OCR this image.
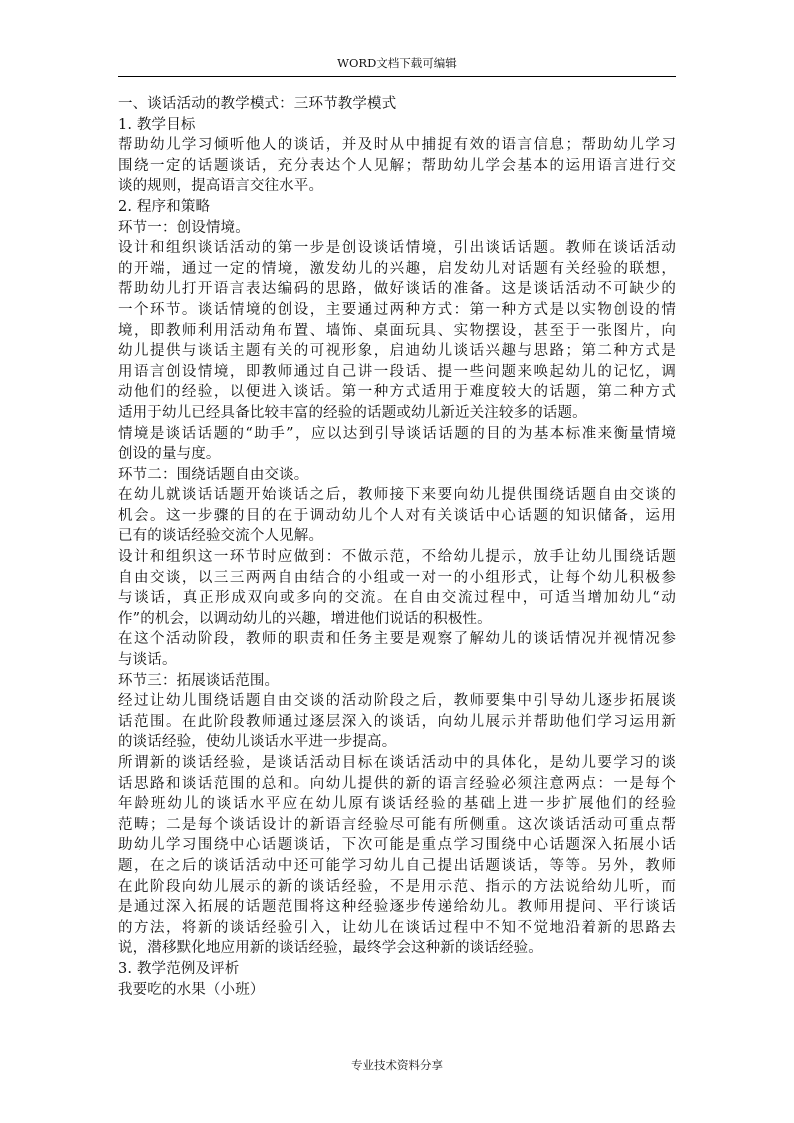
WORD文档下载可编辑
一、谈话活动的教学模式：三环节教学模式
1. 教学目标
帮助幼儿学习倾听他人的谈话，并及时从中捕捉有效的语言信息；帮助幼儿学习
围绕一定的话题谈话，充分表达个人见解；帮助幼儿学会基本的运用语言进行交
谈的规则，提高语言交往水平。
2. 程序和策略
环节一：创设情境。
设计和组织谈话活动的第一步是创设谈话情境，引出谈话话题。教师在谈话活动
的开端，通过一定的情境，激发幼儿的兴趣，启发幼儿对话题有关经验的联想，
帮助幼儿打开语言表达编码的思路，做好谈话的准备。这是谈话活动不可缺少的
一个环节。谈话情境的创设，主要通过两种方式：第一种方式是以实物创设的情
境，即教师利用活动角布置、墙饰、桌面玩具、实物摆设，甚至于一张图片，向
幼儿提供与谈话主题有关的可视形象，启迪幼儿谈话兴趣与思路；第二种方式是
用语言创设情境，即教师通过自己讲一段话、提一些问题来唤起幼儿的记忆，调
动他们的经验，以便进入谈话。第一种方式适用于难度较大的话题，第二种方式
适用于幼儿已经具备比较丰富的经验的话题或幼儿新近关注较多的话题。
情境是谈话话题的“助手”，应以达到引导谈话话题的目的为基本标准来衡量情境
创设的量与度。
环节二：围绕话题自由交谈。
在幼儿就谈话话题开始谈话之后，教师接下来要向幼儿提供围绕话题自由交谈的
机会。这一步骤的目的在于调动幼儿个人对有关谈话中心话题的知识储备，运用
已有的谈话经验交流个人见解。
设计和组织这一环节时应做到：不做示范，不给幼儿提示，放手让幼儿围绕话题
自由交谈，以三三两两自由结合的小组或一对一的小组形式，让每个幼儿积极参
与谈话，真正形成双向或多向的交流。在自由交流过程中，可适当增加幼儿“动
作”的机会，以调动幼儿的兴趣，增进他们说话的积极性。
在这个活动阶段，教师的职责和任务主要是观察了解幼儿的谈话情况并视情况参
与谈话。
环节三：拓展谈话范围。
经过让幼儿围绕话题自由交谈的活动阶段之后，教师要集中引导幼儿逐步拓展谈
话范围。在此阶段教师通过逐层深入的谈话，向幼儿展示并帮助他们学习运用新
的谈话经验，使幼儿谈话水平进一步提高。
所谓新的谈话经验，是谈话活动目标在谈话活动中的具体化，是幼儿要学习的谈
话思路和谈话范围的总和。向幼儿提供的新的语言经验必须注意两点：一是每个
年龄班幼儿的谈话水平应在幼儿原有谈话经验的基础上进一步扩展他们的经验
范畴；二是每个谈话设计的新语言经验尽可能有所侧重。这次谈话活动可重点帮
助幼儿学习围绕中心话题谈话，下次可能是重点学习围绕中心话题深入拓展小话
题，在之后的谈话活动中还可能学习幼儿自己提出话题谈话，等等。另外，教师
在此阶段向幼儿展示的新的谈话经验，不是用示范、指示的方法说给幼儿听，而
是通过深入拓展的话题范围将这种经验逐步传递给幼儿。教师用提问、平行谈话
的方法，将新的谈话经验引入，让幼儿在谈话过程中不知不觉地沿着新的思路去
说，潜移默化地应用新的谈话经验，最终学会这种新的谈话经验。
3. 教学范例及评析
我要吃的水果（小班）
专业技术资料分享
